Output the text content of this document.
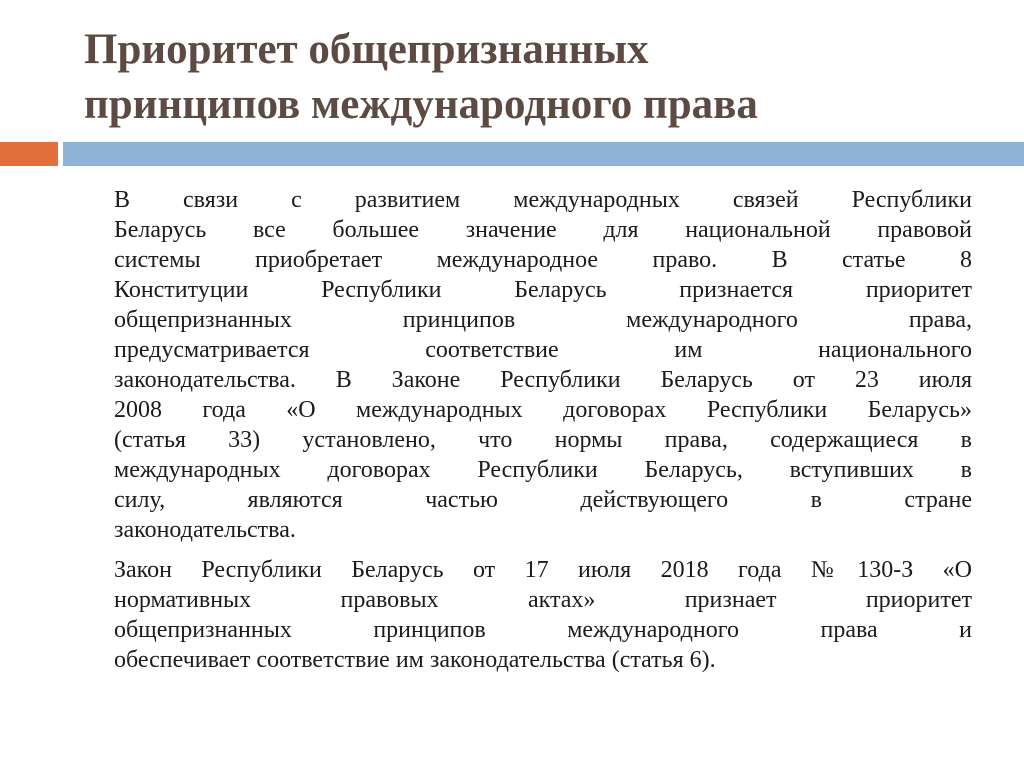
Приоритет общепризнанных
принципов международного права

В связи с развитием международных связей Республики
Беларусь все большее значение для национальной правовой
системы приобретает международное право. В статье 8
Конституции Республики Беларусь признается приоритет
общепризнанных принципов международного права,
предусматривается соответствие им национального
законодательства. В Законе Республики Беларусь от 23 июля
2008 года «О международных договорах Республики Беларусь»
(статья 33) установлено, что нормы права, содержащиеся в
международных договорах Республики Беларусь, вступивших в
силу, являются частью действующего в стране
законодательства.

Закон Республики Беларусь от 17 июля 2018 года №130-З «О
нормативных правовых актах» признает приоритет
общепризнанных принципов международного права и
обеспечивает соответствие им законодательства (статья 6).
